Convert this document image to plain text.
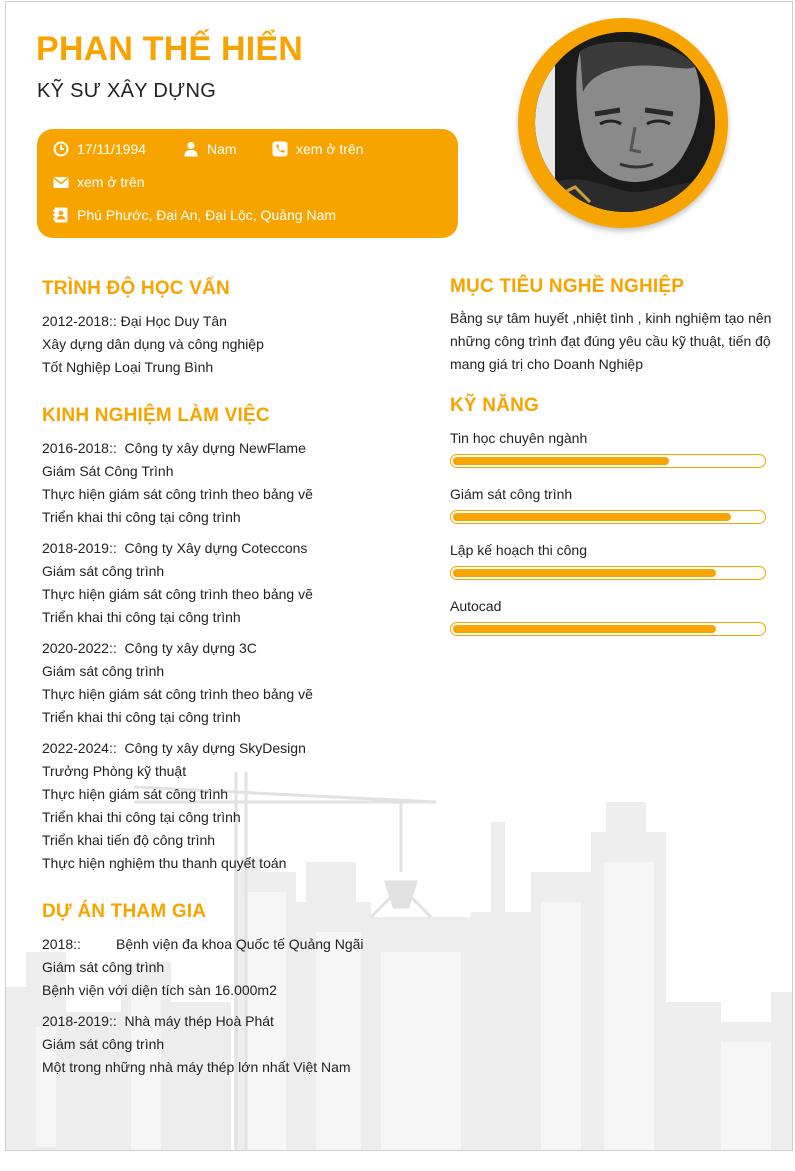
PHAN THẾ HIỂN
KỸ SƯ XÂY DỰNG
17/11/1994	Nam	xem ở trên
xem ở trên
Phú Phước, Đại An, Đại Lộc, Quảng Nam
TRÌNH ĐỘ HỌC VẤN
2012-2018:: Đại Học Duy Tân
Xây dựng dân dụng và công nghiệp
Tốt Nghiệp Loại Trung Bình
KINH NGHIỆM LÀM VIỆC
2016-2018:: Công ty xây dựng NewFlame
Giám Sát Công Trình
Thực hiện giám sát công trình theo bảng vẽ
Triển khai thi công tại công trình
2018-2019:: Công ty Xây dựng Coteccons
Giám sát công trình
Thực hiện giám sát công trình theo bảng vẽ
Triển khai thi công tại công trình
2020-2022:: Công ty xây dựng 3C
Giám sát công trình
Thực hiện giám sát công trình theo bảng vẽ
Triển khai thi công tại công trình
2022-2024:: Công ty xây dựng SkyDesign
Trưởng Phòng kỹ thuật
Thực hiện giám sát công trình
Triển khai thi công tại công trình
Triển khai tiến độ công trình
Thực hiện nghiệm thu thanh quyết toán
DỰ ÁN THAM GIA
2018::	Bệnh viện đa khoa Quốc tế Quảng Ngãi
Giám sát công trình
Bệnh viện với diện tích sàn 16.000m2
2018-2019:: Nhà máy thép Hoà Phát
Giám sát công trình
Một trong những nhà máy thép lớn nhất Việt Nam
MỤC TIÊU NGHỀ NGHIỆP
Bằng sự tâm huyết ,nhiệt tình , kinh nghiệm tạo nên những công trình đạt đúng yêu cầu kỹ thuật, tiến độ mang giá trị cho Doanh Nghiệp
KỸ NĂNG
Tin học chuyên ngành
Giám sát công trình
Lập kế hoạch thi công
Autocad
